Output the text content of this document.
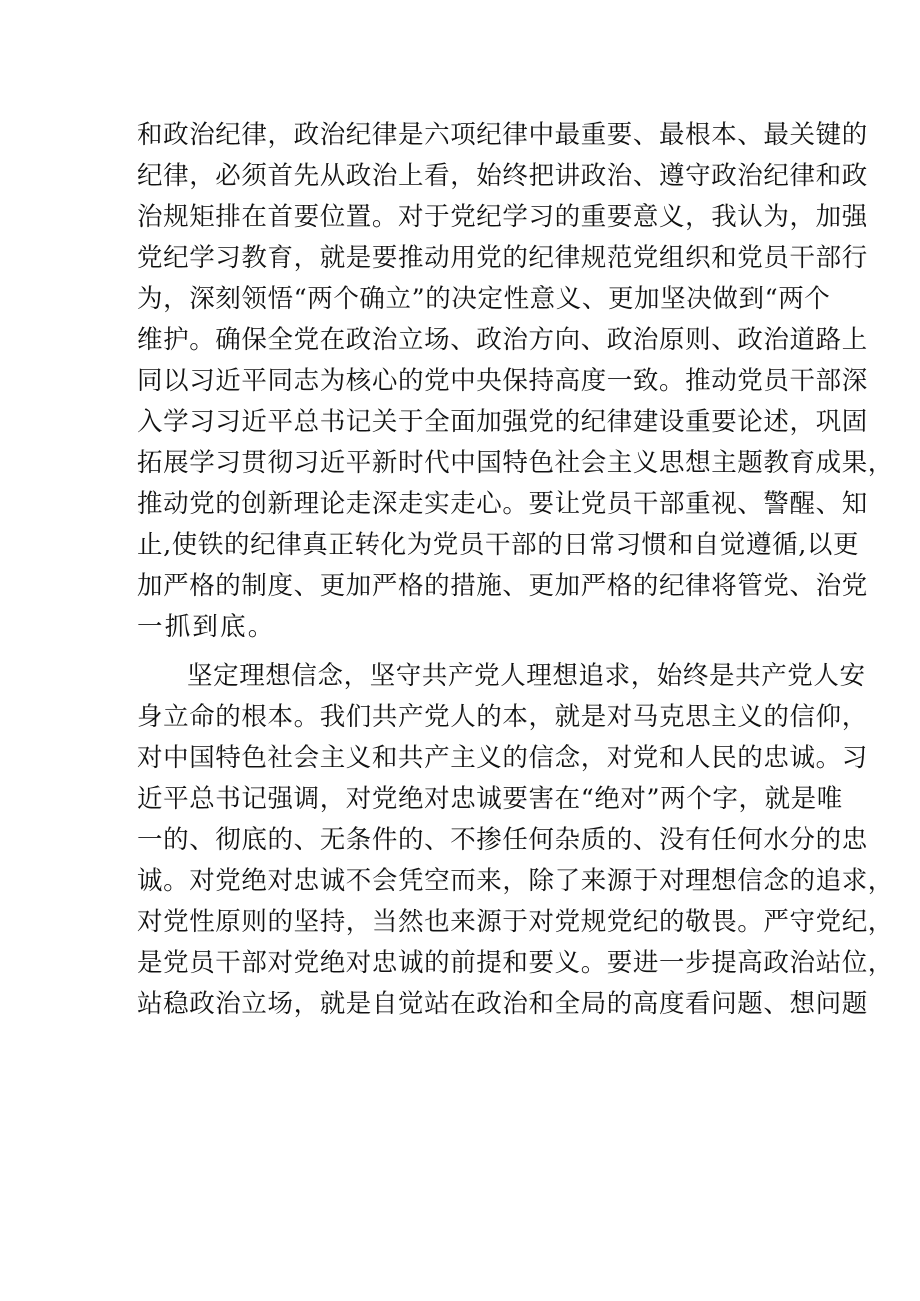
和政治纪律，政治纪律是六项纪律中最重要、最根本、最关键的
纪律，必须首先从政治上看，始终把讲政治、遵守政治纪律和政
治规矩排在首要位置。对于党纪学习的重要意义，我认为，加强
党纪学习教育，就是要推动用党的纪律规范党组织和党员干部行
为，深刻领悟“两个确立”的决定性意义、更加坚决做到“两个
维护。确保全党在政治立场、政治方向、政治原则、政治道路上
同以习近平同志为核心的党中央保持高度一致。推动党员干部深
入学习习近平总书记关于全面加强党的纪律建设重要论述，巩固
拓展学习贯彻习近平新时代中国特色社会主义思想主题教育成果，
推动党的创新理论走深走实走心。要让党员干部重视、警醒、知
止,使铁的纪律真正转化为党员干部的日常习惯和自觉遵循,以更
加严格的制度、更加严格的措施、更加严格的纪律将管党、治党
一抓到底。
坚定理想信念，坚守共产党人理想追求，始终是共产党人安
身立命的根本。我们共产党人的本，就是对马克思主义的信仰，
对中国特色社会主义和共产主义的信念，对党和人民的忠诚。习
近平总书记强调，对党绝对忠诚要害在“绝对”两个字，就是唯
一的、彻底的、无条件的、不掺任何杂质的、没有任何水分的忠
诚。对党绝对忠诚不会凭空而来，除了来源于对理想信念的追求，
对党性原则的坚持，当然也来源于对党规党纪的敬畏。严守党纪，
是党员干部对党绝对忠诚的前提和要义。要进一步提高政治站位，
站稳政治立场，就是自觉站在政治和全局的高度看问题、想问题
